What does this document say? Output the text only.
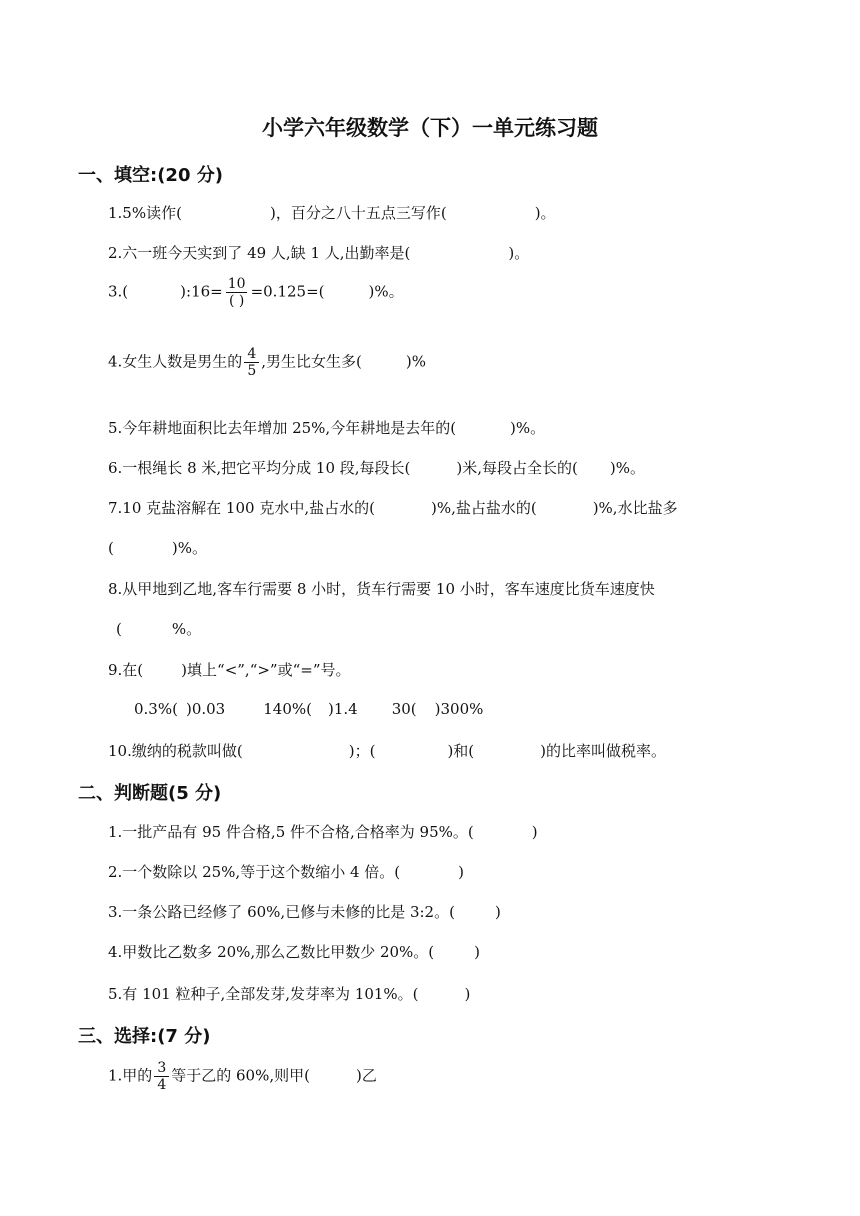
小学六年级数学（下）一单元练习题
一、填空:(20 分)
1.5%读作(	)，百分之八十五点三写作(	)。
2.六一班今天实到了 49 人,缺 1 人,出勤率是(	)。
3.(	):16= $\frac{10}{( )} =0.125=$(	)%。
4.女生人数是男生的 $\frac{4}{5}$ ,男生比女生多(	)%
5.今年耕地面积比去年增加 25%,今年耕地是去年的(	)%。
6.一根绳长 8 米,把它平均分成 10 段,每段长(	)米,每段占全长的( )%。
7.10 克盐溶解在 100 克水中,盐占水的(	)%,盐占盐水的(	)%,水比盐多
(	)%。
8.从甲地到乙地,客车行需要 8 小时，货车行需要 10 小时，客车速度比货车速度快
(	%。
9.在(	)填上“<”,“>”或“=”号。
0.3%( )0.03	140%( )1.4 30( )300%
10.缴纳的税款叫做(	)；(	)和(	)的比率叫做税率。
二、判断题(5 分)
1.一批产品有 95 件合格,5 件不合格,合格率为 95%。(	)
2.一个数除以 25%,等于这个数缩小 4 倍。(	)
3.一条公路已经修了 60%,已修与未修的比是 3:2。(	)
4.甲数比乙数多 20%,那么乙数比甲数少 20%。(	)
5.有 101 粒种子,全部发芽,发芽率为 101%。(	)
三、选择:(7 分)
1.甲的 $\frac{3}{4}$ 等于乙的 60%,则甲(	)乙
